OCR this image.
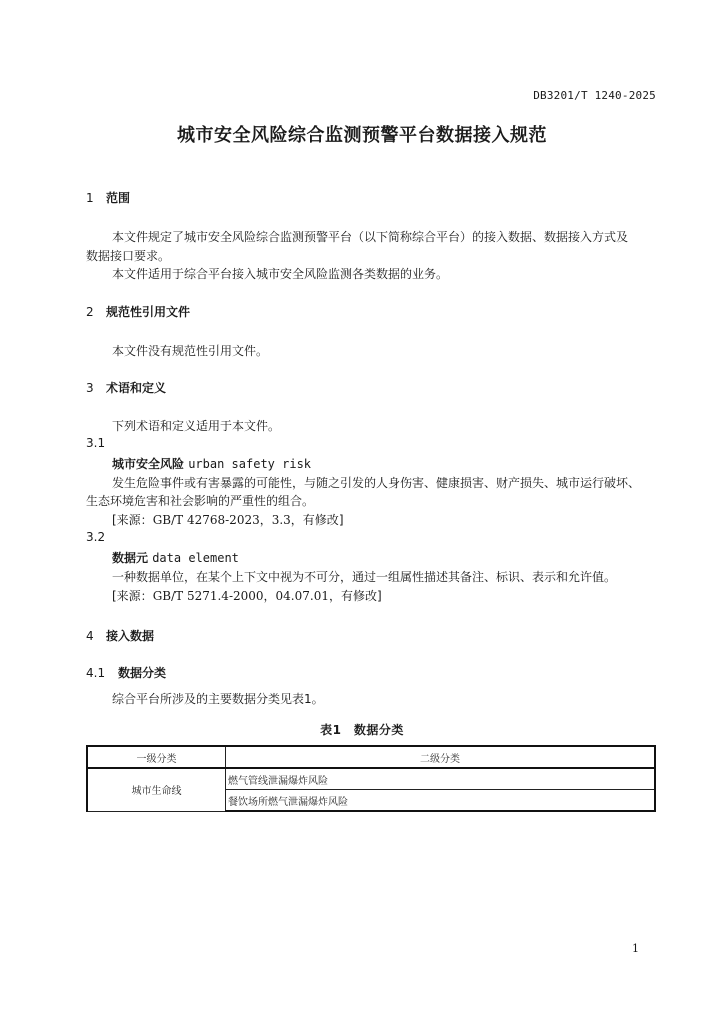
DB3201/T 1240-2025
城市安全风险综合监测预警平台数据接入规范
1 范围
本文件规定了城市安全风险综合监测预警平台（以下简称综合平台）的接入数据、数据接入方式及
数据接口要求。
本文件适用于综合平台接入城市安全风险监测各类数据的业务。
2 规范性引用文件
本文件没有规范性引用文件。
3 术语和定义
下列术语和定义适用于本文件。
3.1
城市安全风险 urban safety risk
发生危险事件或有害暴露的可能性，与随之引发的人身伤害、健康损害、财产损失、城市运行破坏、
生态环境危害和社会影响的严重性的组合。
[来源：GB/T 42768-2023，3.3，有修改]
3.2
数据元 data element
一种数据单位，在某个上下文中视为不可分，通过一组属性描述其备注、标识、表示和允许值。
[来源：GB/T 5271.4-2000，04.07.01，有修改]
4 接入数据
4.1 数据分类
综合平台所涉及的主要数据分类见表1。
表1　数据分类
一级分类	二级分类
城市生命线	燃气管线泄漏爆炸风险
	餐饮场所燃气泄漏爆炸风险
1
